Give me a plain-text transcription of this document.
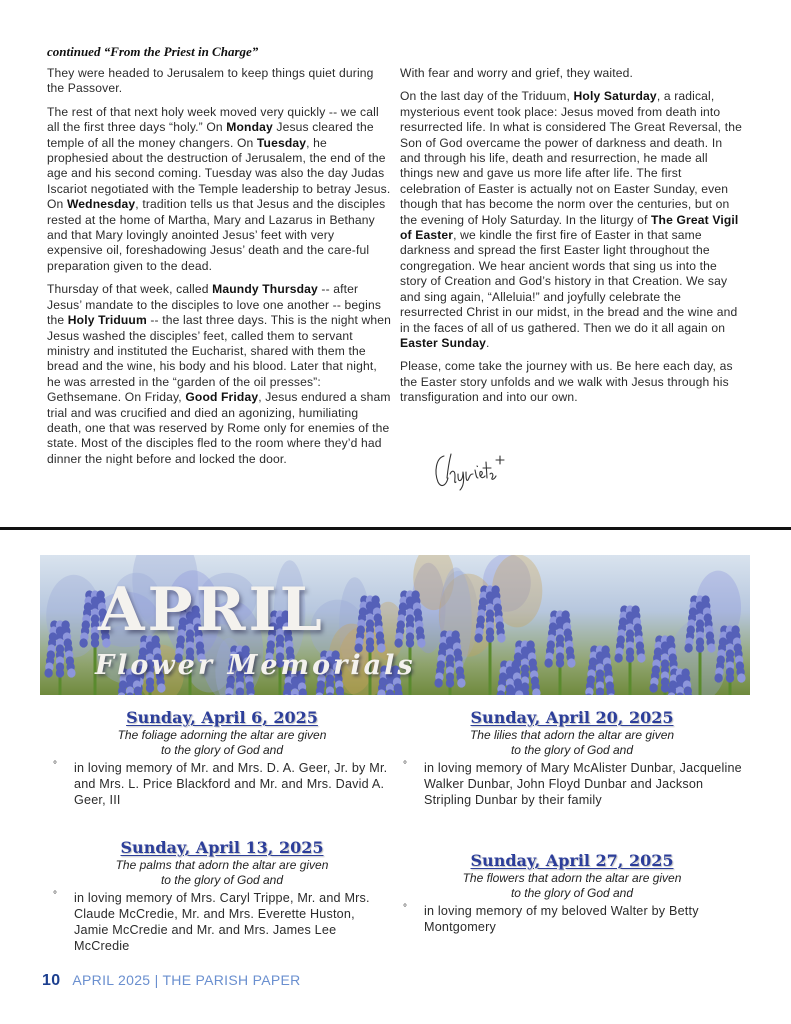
continued “From the Priest in Charge”

They were headed to Jerusalem to keep things quiet during the Passover.

The rest of that next holy week moved very quickly -- we call all the first three days “holy.” On Monday Jesus cleared the temple of all the money changers. On Tuesday, he prophesied about the destruction of Jerusalem, the end of the age and his second coming. Tuesday was also the day Judas Iscariot negotiated with the Temple leadership to betray Jesus. On Wednesday, tradition tells us that Jesus and the disciples rested at the home of Martha, Mary and Lazarus in Bethany and that Mary lovingly anointed Jesus’ feet with very expensive oil, foreshadowing Jesus’ death and the care-ful preparation given to the dead.

Thursday of that week, called Maundy Thursday -- after Jesus’ mandate to the disciples to love one another -- begins the Holy Triduum -- the last three days. This is the night when Jesus washed the disciples’ feet, called them to servant ministry and instituted the Eucharist, shared with them the bread and the wine, his body and his blood. Later that night, he was arrested in the “garden of the oil presses”: Gethsemane. On Friday, Good Friday, Jesus endured a sham trial and was crucified and died an agonizing, humiliating death, one that was reserved by Rome only for enemies of the state. Most of the disciples fled to the room where they’d had dinner the night before and locked the door.

With fear and worry and grief, they waited.

On the last day of the Triduum, Holy Saturday, a radical, mysterious event took place: Jesus moved from death into resurrected life. In what is considered The Great Reversal, the Son of God overcame the power of darkness and death. In and through his life, death and resurrection, he made all things new and gave us more life after life. The first celebration of Easter is actually not on Easter Sunday, even though that has become the norm over the centuries, but on the evening of Holy Saturday. In the liturgy of The Great Vigil of Easter, we kindle the first fire of Easter in that same darkness and spread the first Easter light throughout the congregation. We hear ancient words that sing us into the story of Creation and God’s history in that Creation. We say and sing again, “Alleluia!” and joyfully celebrate the resurrected Christ in our midst, in the bread and the wine and in the faces of all of us gathered. Then we do it all again on Easter Sunday.

Please, come take the journey with us. Be here each day, as the Easter story unfolds and we walk with Jesus through his transfiguration and into our own.

APRIL
Flower Memorials
Sunday, April 6, 2025
The foliage adorning the altar are given
to the glory of God and
° in loving memory of Mr. and Mrs. D. A. Geer, Jr. by Mr. and Mrs. L. Price Blackford and Mr. and Mrs. David A. Geer, III
Sunday, April 13, 2025
The palms that adorn the altar are given
to the glory of God and
° in loving memory of Mrs. Caryl Trippe, Mr. and Mrs. Claude McCredie, Mr. and Mrs. Everette Huston, Jamie McCredie and Mr. and Mrs. James Lee McCredie
Sunday, April 20, 2025
The lilies that adorn the altar are given
to the glory of God and
° in loving memory of Mary McAlister Dunbar, Jacqueline Walker Dunbar, John Floyd Dunbar and Jackson Stripling Dunbar by their family
Sunday, April 27, 2025
The flowers that adorn the altar are given
to the glory of God and
° in loving memory of my beloved Walter by Betty Montgomery
10 APRIL 2025 | THE PARISH PAPER
